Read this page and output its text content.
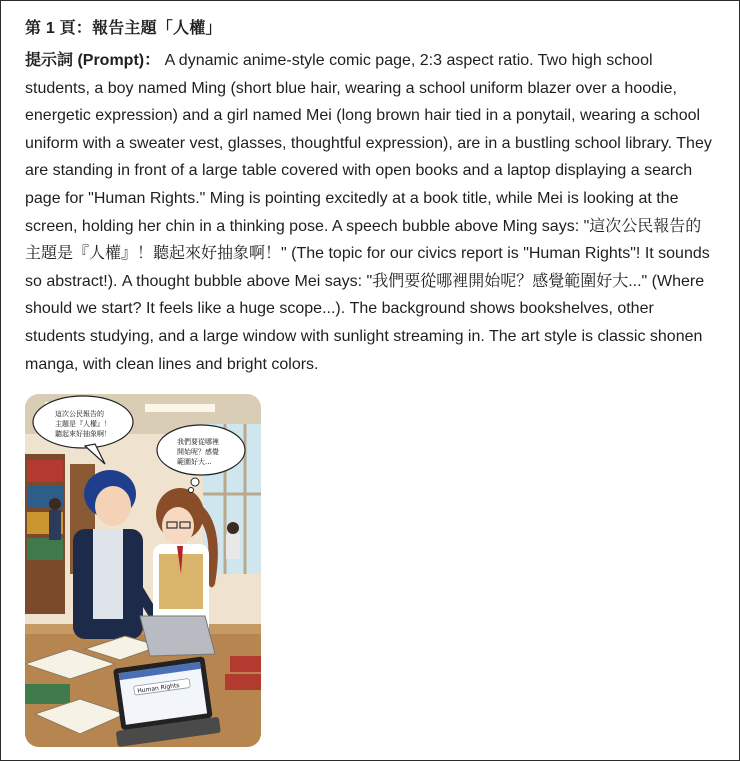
第 1 頁：報告主題「人權」
提示詞 (Prompt)： A dynamic anime-style comic page, 2:3 aspect ratio. Two high school students, a boy named Ming (short blue hair, wearing a school uniform blazer over a hoodie, energetic expression) and a girl named Mei (long brown hair tied in a ponytail, wearing a school uniform with a sweater vest, glasses, thoughtful expression), are in a bustling school library. They are standing in front of a large table covered with open books and a laptop displaying a search page for "Human Rights." Ming is pointing excitedly at a book title, while Mei is looking at the screen, holding her chin in a thinking pose. A speech bubble above Ming says: "這次公民報告的主題是『人權』！聽起來好抽象啊！" (The topic for our civics report is "Human Rights"! It sounds so abstract!). A thought bubble above Mei says: "我們要從哪裡開始呢？感覺範圍好大..." (Where should we start? It feels like a huge scope...). The background shows bookshelves, other students studying, and a large window with sunlight streaming in. The art style is classic shonen manga, with clean lines and bright colors.
Human Rights
這次公民報告的
主題是『人權』！
聽起來好抽象啊！
我們要從哪裡
開始呢？感覺
範圍好大...
